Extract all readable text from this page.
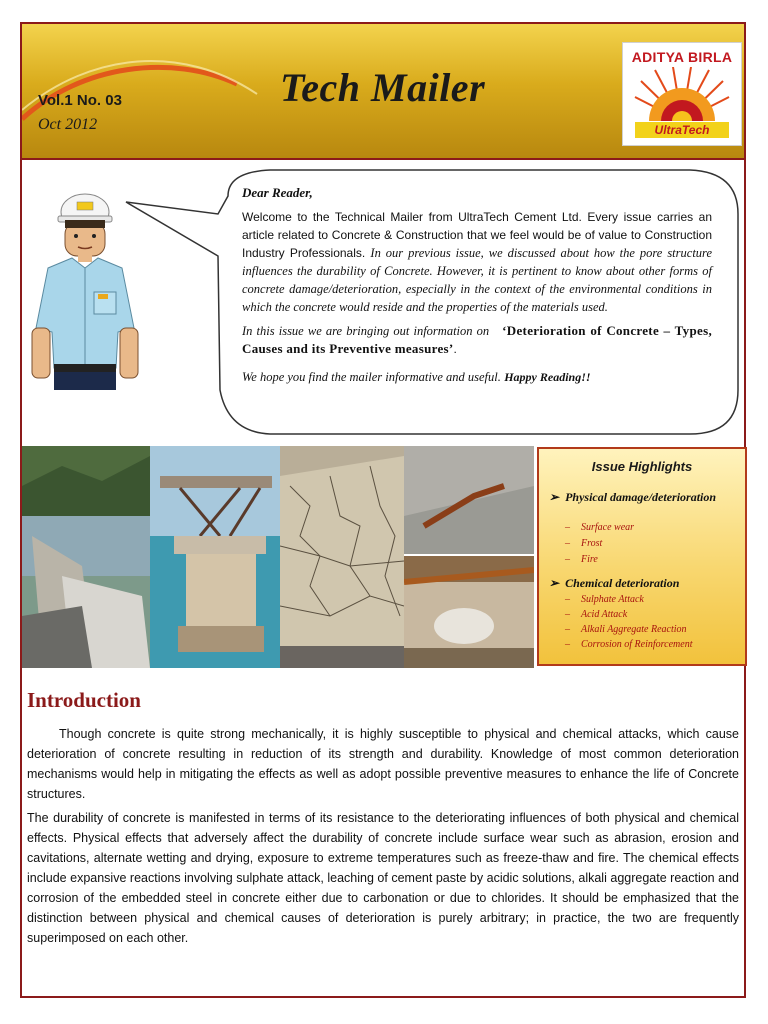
Vol.1 No. 03
Oct 2012
Tech Mailer
ADITYA BIRLA
UltraTech
Dear Reader,

Welcome to the Technical Mailer from UltraTech Cement Ltd. Every issue carries an article related to Concrete & Construction that we feel would be of value to Construction Industry Professionals. In our previous issue, we discussed about how the pore structure influences the durability of Concrete. However, it is pertinent to know about other forms of concrete damage/deterioration, especially in the context of the environmental conditions in which the concrete would reside and the properties of the materials used.

In this issue we are bringing out information on ‘Deterioration of Concrete – Types, Causes and its Preventive measures’.

We hope you find the mailer informative and useful. Happy Reading!!

Issue Highlights
➢  Physical damage/deterioration
– Surface wear
– Frost
– Fire
➢  Chemical deterioration
– Sulphate Attack
– Acid Attack
– Alkali Aggregate Reaction
– Corrosion of Reinforcement
Introduction

Though concrete is quite strong mechanically, it is highly susceptible to physical and chemical attacks, which cause deterioration of concrete resulting in reduction of its strength and durability. Knowledge of most common deterioration mechanisms would help in mitigating the effects as well as adopt possible preventive measures to enhance the life of Concrete structures.

The durability of concrete is manifested in terms of its resistance to the deteriorating influences of both physical and chemical effects. Physical effects that adversely affect the durability of concrete include surface wear such as abrasion, erosion and cavitations, alternate wetting and drying, exposure to extreme temperatures such as freeze-thaw and fire. The chemical effects include expansive reactions involving sulphate attack, leaching of cement paste by acidic solutions, alkali aggregate reaction and corrosion of the embedded steel in concrete either due to carbonation or due to chlorides. It should be emphasized that the distinction between physical and chemical causes of deterioration is purely arbitrary; in practice, the two are frequently superimposed on each other.
